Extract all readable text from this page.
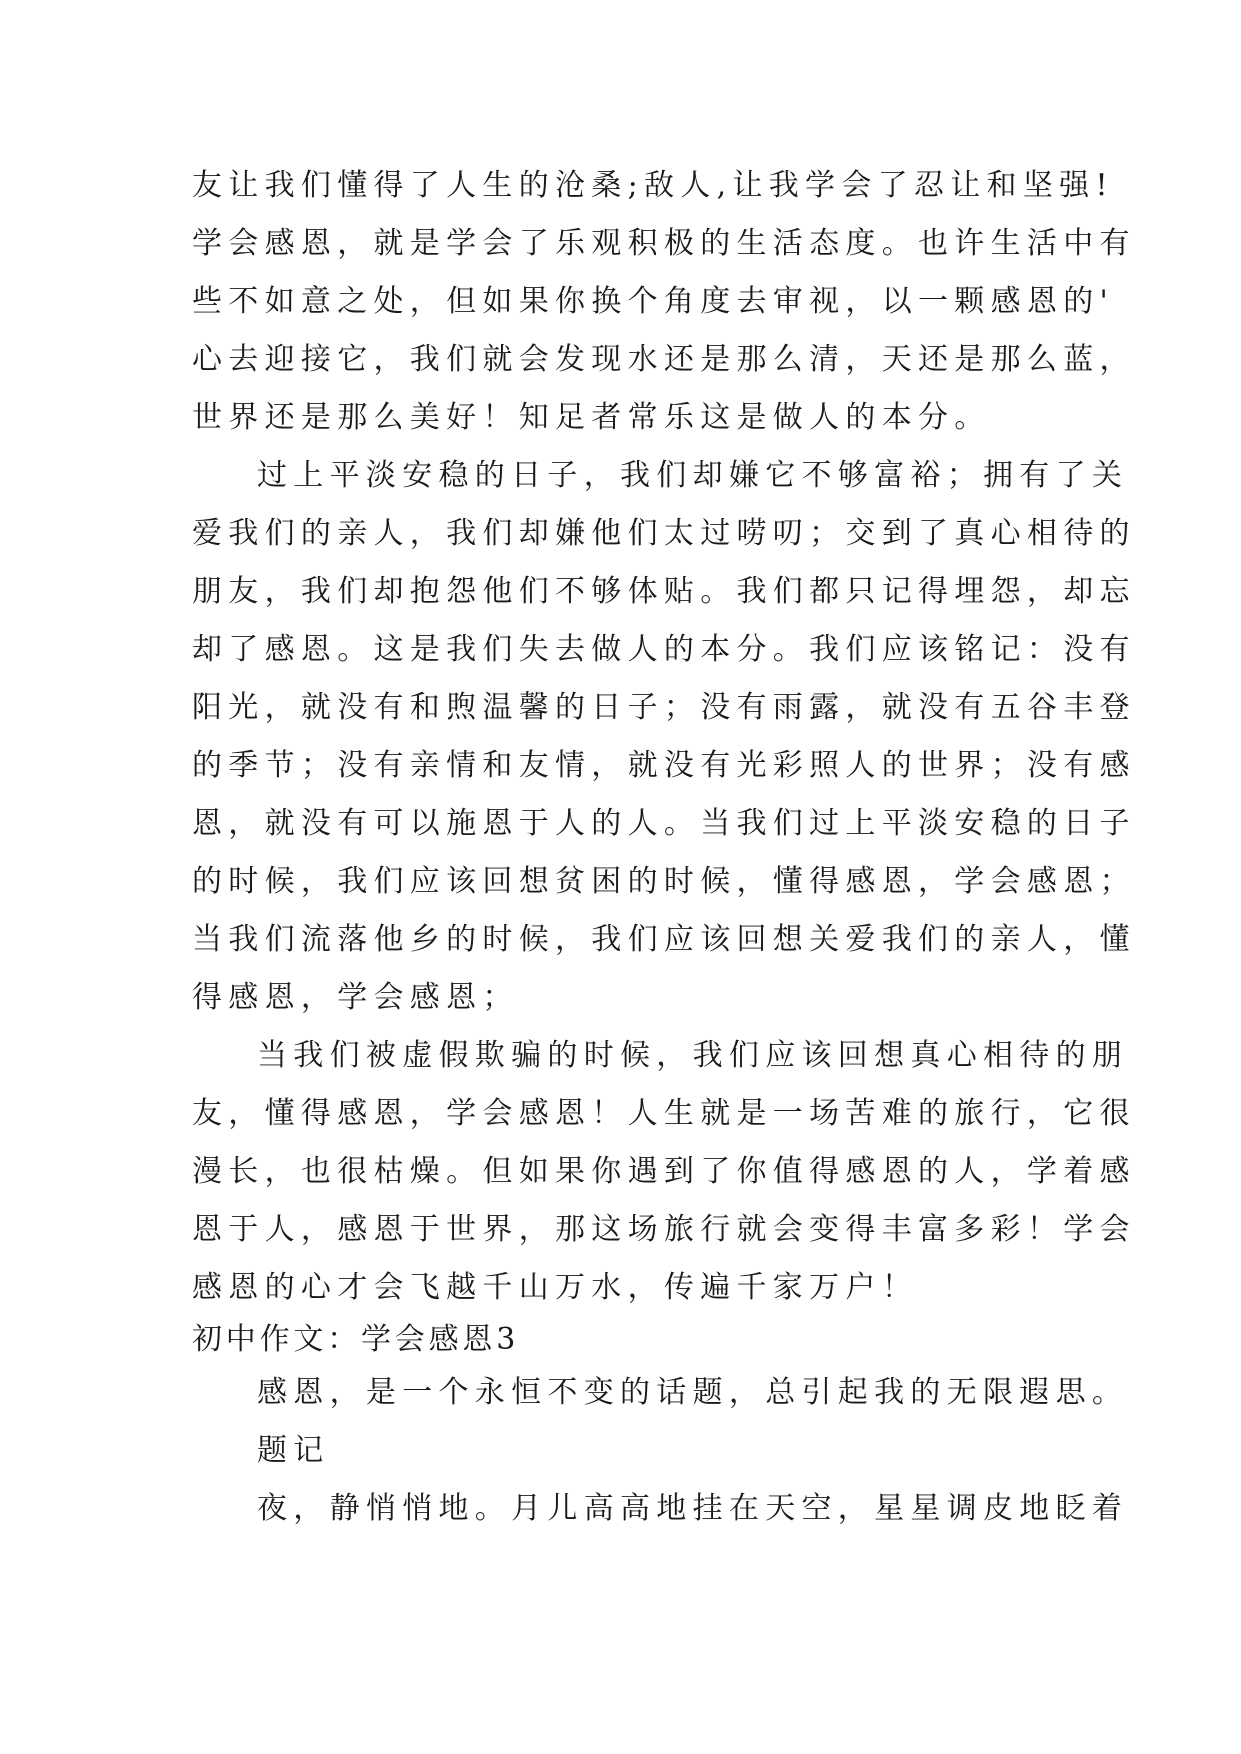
友让我们懂得了人生的沧桑;敌人,让我学会了忍让和坚强!
学会感恩，就是学会了乐观积极的生活态度。也许生活中有
些不如意之处，但如果你换个角度去审视，以一颗感恩的'
心去迎接它，我们就会发现水还是那么清，天还是那么蓝，
世界还是那么美好！知足者常乐这是做人的本分。
过上平淡安稳的日子，我们却嫌它不够富裕；拥有了关
爱我们的亲人，我们却嫌他们太过唠叨；交到了真心相待的
朋友，我们却抱怨他们不够体贴。我们都只记得埋怨，却忘
却了感恩。这是我们失去做人的本分。我们应该铭记：没有
阳光，就没有和煦温馨的日子；没有雨露，就没有五谷丰登
的季节；没有亲情和友情，就没有光彩照人的世界；没有感
恩，就没有可以施恩于人的人。当我们过上平淡安稳的日子
的时候，我们应该回想贫困的时候，懂得感恩，学会感恩；
当我们流落他乡的时候，我们应该回想关爱我们的亲人，懂
得感恩，学会感恩；
当我们被虚假欺骗的时候，我们应该回想真心相待的朋
友，懂得感恩，学会感恩！人生就是一场苦难的旅行，它很
漫长，也很枯燥。但如果你遇到了你值得感恩的人，学着感
恩于人，感恩于世界，那这场旅行就会变得丰富多彩！学会
感恩的心才会飞越千山万水，传遍千家万户！
初中作文：学会感恩3
感恩，是一个永恒不变的话题，总引起我的无限遐思。
题记
夜，静悄悄地。月儿高高地挂在天空，星星调皮地眨着
